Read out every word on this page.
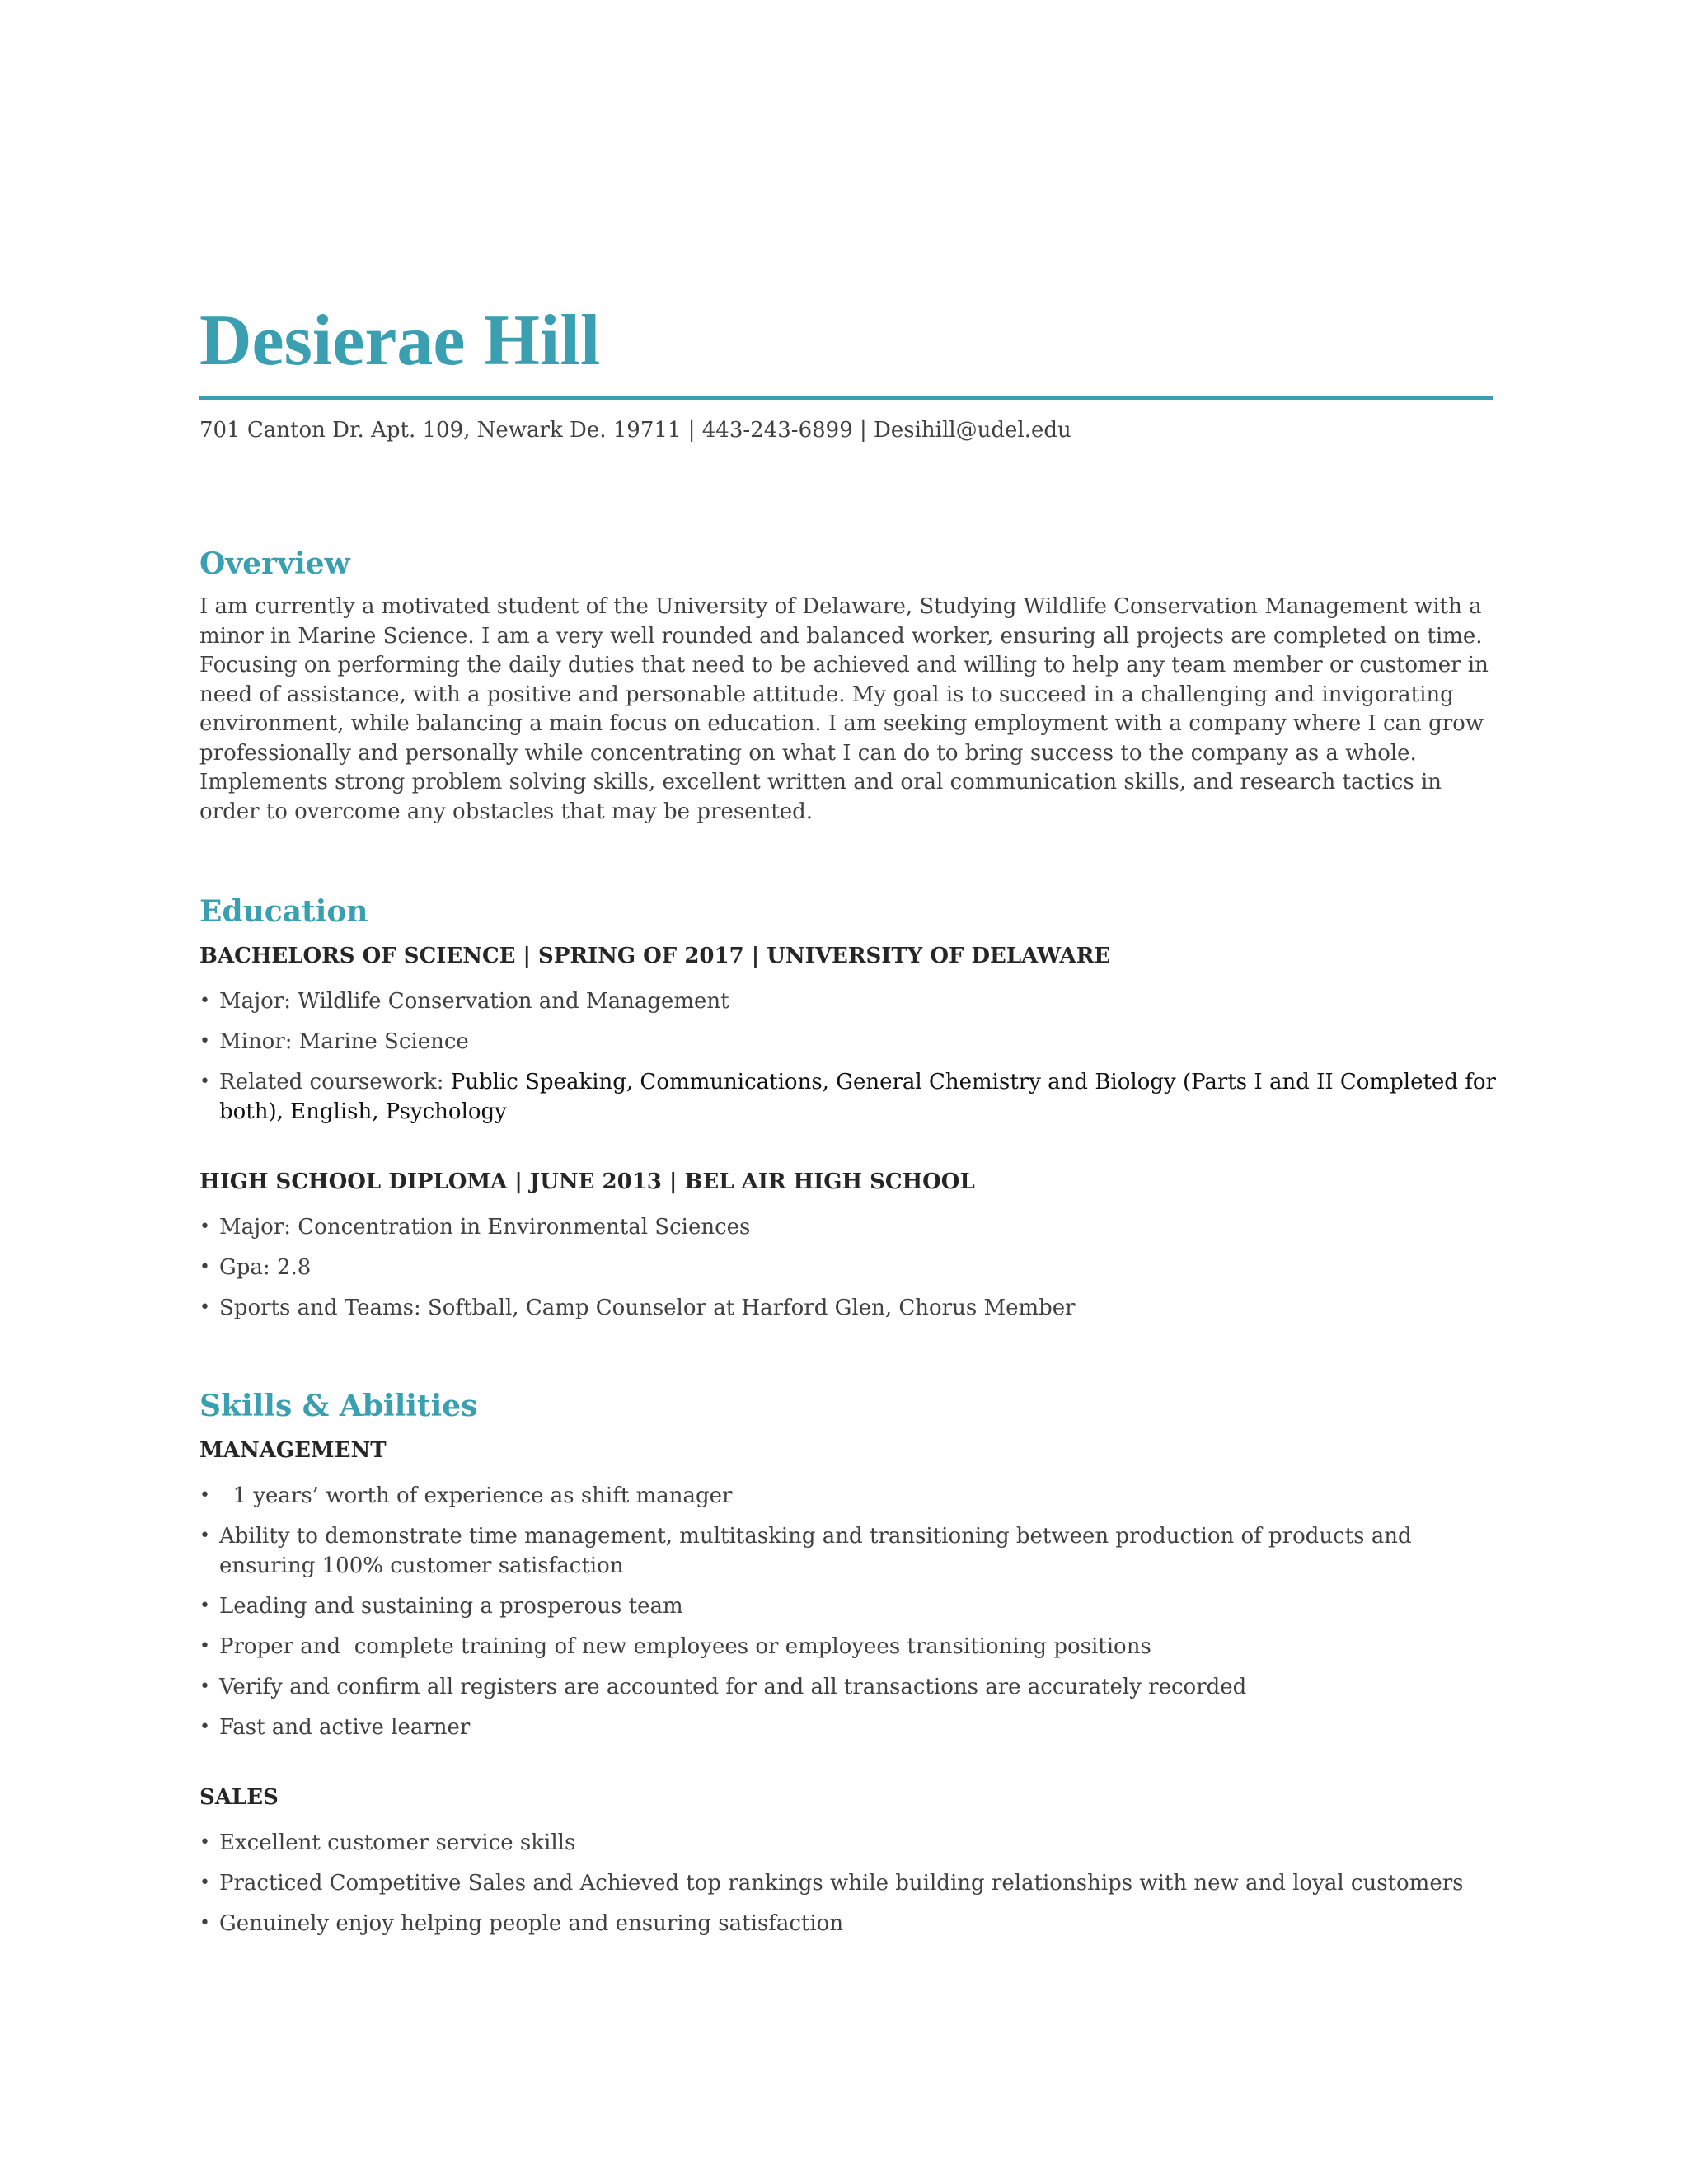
Desierae Hill
701 Canton Dr. Apt. 109, Newark De. 19711 | 443-243-6899 | Desihill@udel.edu
Overview
I am currently a motivated student of the University of Delaware, Studying Wildlife Conservation Management with a minor in Marine Science. I am a very well rounded and balanced worker, ensuring all projects are completed on time. Focusing on performing the daily duties that need to be achieved and willing to help any team member or customer in need of assistance, with a positive and personable attitude. My goal is to succeed in a challenging and invigorating environment, while balancing a main focus on education. I am seeking employment with a company where I can grow professionally and personally while concentrating on what I can do to bring success to the company as a whole. Implements strong problem solving skills, excellent written and oral communication skills, and research tactics in order to overcome any obstacles that may be presented.
Education
BACHELORS OF SCIENCE | SPRING OF 2017 | UNIVERSITY OF DELAWARE
• Major: Wildlife Conservation and Management
• Minor: Marine Science
• Related coursework: Public Speaking, Communications, General Chemistry and Biology (Parts I and II Completed for both), English, Psychology
HIGH SCHOOL DIPLOMA | JUNE 2013 | BEL AIR HIGH SCHOOL
• Major: Concentration in Environmental Sciences
• Gpa: 2.8
• Sports and Teams: Softball, Camp Counselor at Harford Glen, Chorus Member
Skills & Abilities
MANAGEMENT
• 1 years’ worth of experience as shift manager
• Ability to demonstrate time management, multitasking and transitioning between production of products and ensuring 100% customer satisfaction
• Leading and sustaining a prosperous team
• Proper and  complete training of new employees or employees transitioning positions
• Verify and confirm all registers are accounted for and all transactions are accurately recorded
• Fast and active learner
SALES
• Excellent customer service skills
• Practiced Competitive Sales and Achieved top rankings while building relationships with new and loyal customers
• Genuinely enjoy helping people and ensuring satisfaction
